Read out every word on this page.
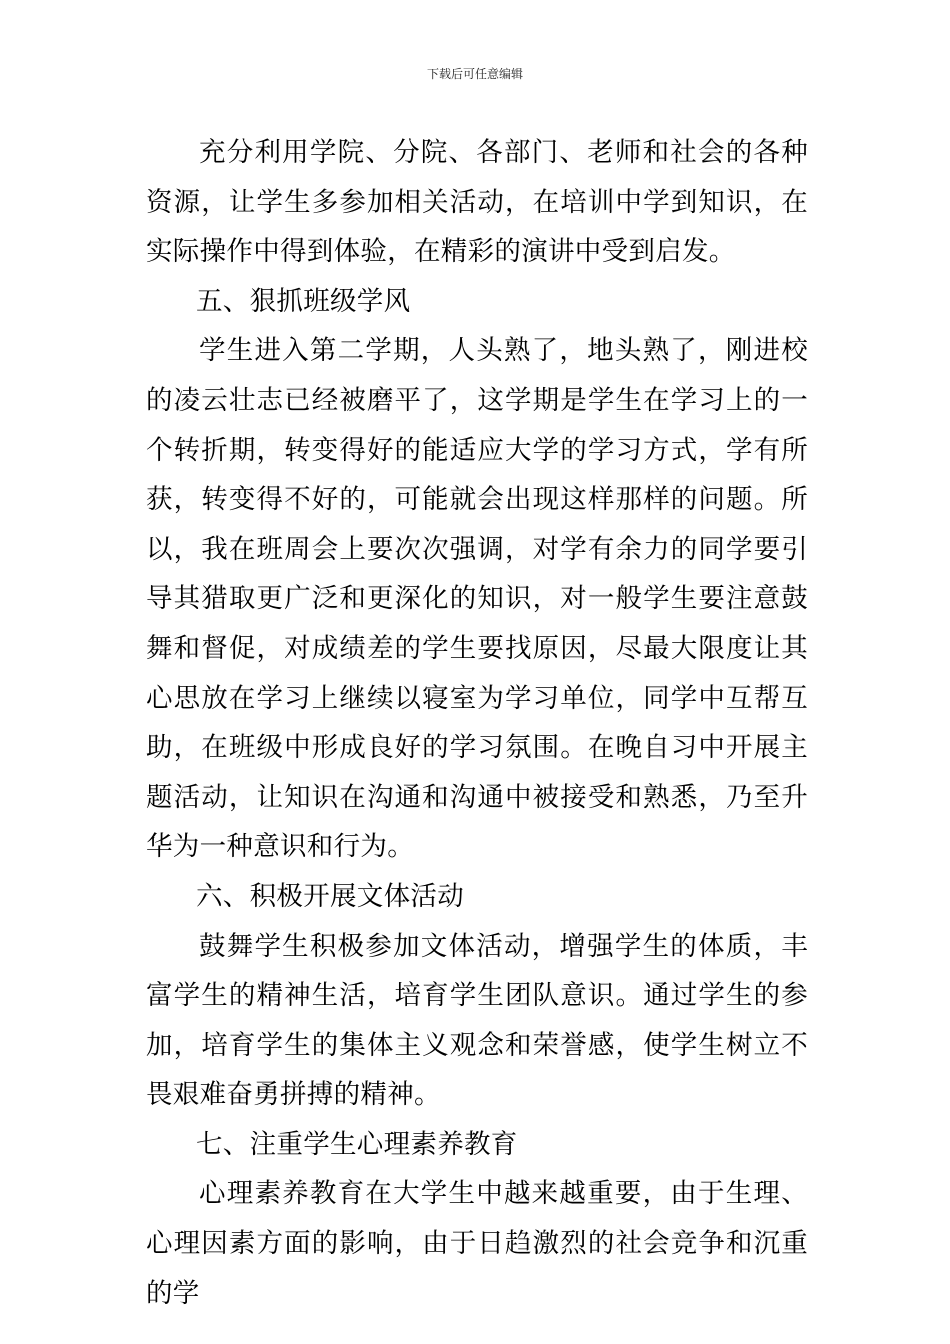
下载后可任意编辑

充分利用学院、分院、各部门、老师和社会的各种资源，让学生多参加相关活动，在培训中学到知识，在实际操作中得到体验，在精彩的演讲中受到启发。

五、狠抓班级学风

学生进入第二学期，人头熟了，地头熟了，刚进校的凌云壮志已经被磨平了，这学期是学生在学习上的一个转折期，转变得好的能适应大学的学习方式，学有所获，转变得不好的，可能就会出现这样那样的问题。所以，我在班周会上要次次强调，对学有余力的同学要引导其猎取更广泛和更深化的知识，对一般学生要注意鼓舞和督促，对成绩差的学生要找原因，尽最大限度让其心思放在学习上继续以寝室为学习单位，同学中互帮互助，在班级中形成良好的学习氛围。在晚自习中开展主题活动，让知识在沟通和沟通中被接受和熟悉，乃至升华为一种意识和行为。

六、积极开展文体活动

鼓舞学生积极参加文体活动，增强学生的体质，丰富学生的精神生活，培育学生团队意识。通过学生的参加，培育学生的集体主义观念和荣誉感，使学生树立不畏艰难奋勇拼搏的精神。

七、注重学生心理素养教育

心理素养教育在大学生中越来越重要，由于生理、心理因素方面的影响，由于日趋激烈的社会竞争和沉重的学
